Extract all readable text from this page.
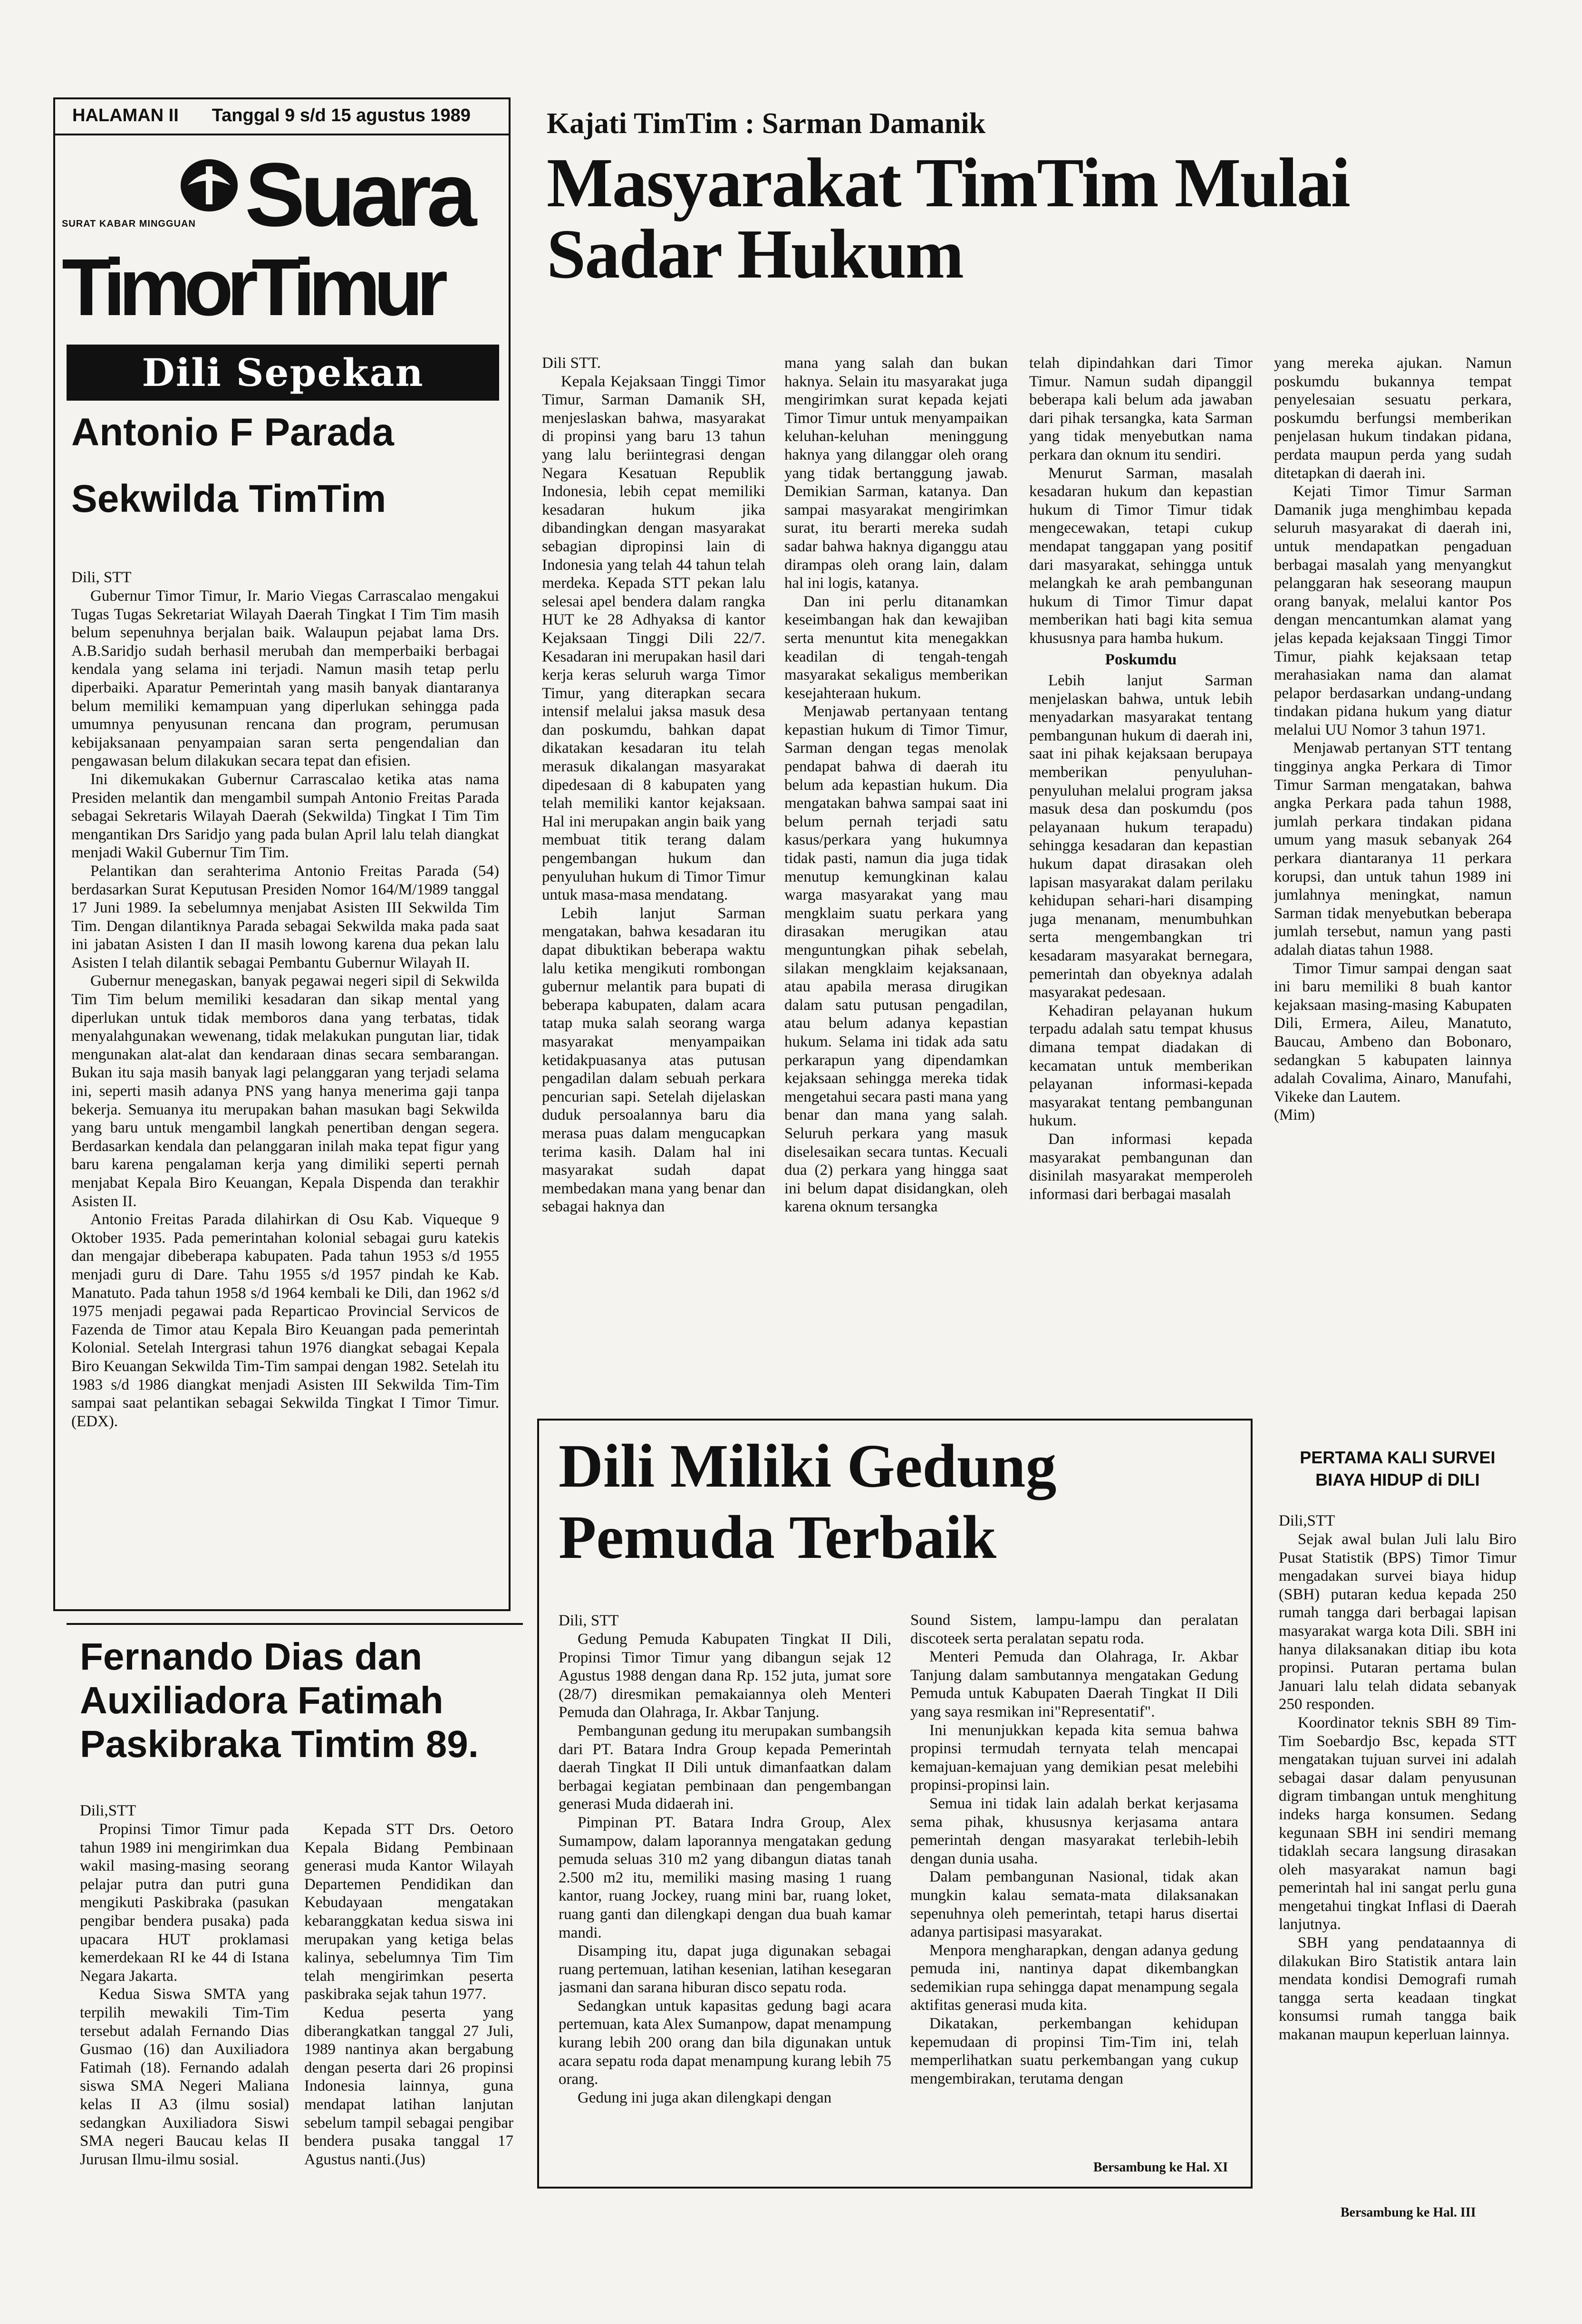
HALAMAN II Tanggal 9 s/d 15 agustus 1989
SURAT KABAR MINGGUAN Suara
TimorTimur
Dili Sepekan
Antonio F Parada
Sekwilda TimTim

Dili, STT

Gubernur Timor Timur, Ir. Mario Viegas Carrascalao mengakui Tugas Tugas Sekretariat Wilayah Daerah Tingkat I Tim Tim masih belum sepenuhnya berjalan baik. Walaupun pejabat lama Drs. A.B.Saridjo sudah berhasil merubah dan memperbaiki berbagai kendala yang selama ini terjadi. Namun masih tetap perlu diperbaiki. Aparatur Pemerintah yang masih banyak diantaranya belum memiliki kemampuan yang diperlukan sehingga pada umumnya penyusunan rencana dan program, perumusan kebijaksanaan penyampaian saran serta pengendalian dan pengawasan belum dilakukan secara tepat dan efisien.

Ini dikemukakan Gubernur Carrascalao ketika atas nama Presiden melantik dan mengambil sumpah Antonio Freitas Parada sebagai Sekretaris Wilayah Daerah (Sekwilda) Tingkat I Tim Tim mengantikan Drs Saridjo yang pada bulan April lalu telah diangkat menjadi Wakil Gubernur Tim Tim.

Pelantikan dan serahterima Antonio Freitas Parada (54) berdasarkan Surat Keputusan Presiden Nomor 164/M/1989 tanggal 17 Juni 1989. Ia sebelumnya menjabat Asisten III Sekwilda Tim Tim. Dengan dilantiknya Parada sebagai Sekwilda maka pada saat ini jabatan Asisten I dan II masih lowong karena dua pekan lalu Asisten I telah dilantik sebagai Pembantu Gubernur Wilayah II.

Gubernur menegaskan, banyak pegawai negeri sipil di Sekwilda Tim Tim belum memiliki kesadaran dan sikap mental yang diperlukan untuk tidak memboros dana yang terbatas, tidak menyalahgunakan wewenang, tidak melakukan pungutan liar, tidak mengunakan alat-alat dan kendaraan dinas secara sembarangan. Bukan itu saja masih banyak lagi pelanggaran yang terjadi selama ini, seperti masih adanya PNS yang hanya menerima gaji tanpa bekerja. Semuanya itu merupakan bahan masukan bagi Sekwilda yang baru untuk mengambil langkah penertiban dengan segera. Berdasarkan kendala dan pelanggaran inilah maka tepat figur yang baru karena pengalaman kerja yang dimiliki seperti pernah menjabat Kepala Biro Keuangan, Kepala Dispenda dan terakhir Asisten II.

Antonio Freitas Parada dilahirkan di Osu Kab. Viqueque 9 Oktober 1935. Pada pemerintahan kolonial sebagai guru katekis dan mengajar dibeberapa kabupaten. Pada tahun 1953 s/d 1955 menjadi guru di Dare. Tahu 1955 s/d 1957 pindah ke Kab. Manatuto. Pada tahun 1958 s/d 1964 kembali ke Dili, dan 1962 s/d 1975 menjadi pegawai pada Reparticao Provincial Servicos de Fazenda de Timor atau Kepala Biro Keuangan pada pemerintah Kolonial. Setelah Intergrasi tahun 1976 diangkat sebagai Kepala Biro Keuangan Sekwilda Tim-Tim sampai dengan 1982. Setelah itu 1983 s/d 1986 diangkat menjadi Asisten III Sekwilda Tim-Tim sampai saat pelantikan sebagai Sekwilda Tingkat I Timor Timur. (EDX).

Fernando Dias dan
Auxiliadora Fatimah
Paskibraka Timtim 89.

Dili,STT

Propinsi Timor Timur pada tahun 1989 ini mengirimkan dua wakil masing-masing seorang pelajar putra dan putri guna mengikuti Paskibraka (pasukan pengibar bendera pusaka) pada upacara HUT proklamasi kemerdekaan RI ke 44 di Istana Negara Jakarta.

Kedua Siswa SMTA yang terpilih mewakili Tim-Tim tersebut adalah Fernando Dias Gusmao (16) dan Auxiliadora Fatimah (18). Fernando adalah siswa SMA Negeri Maliana kelas II A3 (ilmu sosial) sedangkan Auxiliadora Siswi SMA negeri Baucau kelas II Jurusan Ilmu-ilmu sosial.

Kepada STT Drs. Oetoro Kepala Bidang Pembinaan generasi muda Kantor Wilayah Departemen Pendidikan dan Kebudayaan mengatakan kebaranggkatan kedua siswa ini merupakan yang ketiga belas kalinya, sebelumnya Tim Tim telah mengirimkan peserta paskibraka sejak tahun 1977.

Kedua peserta yang diberangkatkan tanggal 27 Juli, 1989 nantinya akan bergabung dengan peserta dari 26 propinsi Indonesia lainnya, guna mendapat latihan lanjutan sebelum tampil sebagai pengibar bendera pusaka tanggal 17 Agustus nanti.(Jus)

Kajati TimTim : Sarman Damanik
Masyarakat TimTim Mulai
Sadar Hukum

Dili STT.

Kepala Kejaksaan Tinggi Timor Timur, Sarman Damanik SH, menjeslaskan bahwa, masyarakat di propinsi yang baru 13 tahun yang lalu beriintegrasi dengan Negara Kesatuan Republik Indonesia, lebih cepat memiliki kesadaran hukum jika dibandingkan dengan masyarakat sebagian dipropinsi lain di Indonesia yang telah 44 tahun telah merdeka. Kepada STT pekan lalu selesai apel bendera dalam rangka HUT ke 28 Adhyaksa di kantor Kejaksaan Tinggi Dili 22/7. Kesadaran ini merupakan hasil dari kerja keras seluruh warga Timor Timur, yang diterapkan secara intensif melalui jaksa masuk desa dan poskumdu, bahkan dapat dikatakan kesadaran itu telah merasuk dikalangan masyarakat dipedesaan di 8 kabupaten yang telah memiliki kantor kejaksaan. Hal ini merupakan angin baik yang membuat titik terang dalam pengembangan hukum dan penyuluhan hukum di Timor Timur untuk masa-masa mendatang.

Lebih lanjut Sarman mengatakan, bahwa kesadaran itu dapat dibuktikan beberapa waktu lalu ketika mengikuti rombongan gubernur melantik para bupati di beberapa kabupaten, dalam acara tatap muka salah seorang warga masyarakat menyampaikan ketidakpuasanya atas putusan pengadilan dalam sebuah perkara pencurian sapi. Setelah dijelaskan duduk persoalannya baru dia merasa puas dalam mengucapkan terima kasih. Dalam hal ini masyarakat sudah dapat membedakan mana yang benar dan sebagai haknya dan

mana yang salah dan bukan haknya. Selain itu masyarakat juga mengirimkan surat kepada kejati Timor Timur untuk menyampaikan keluhan-keluhan meninggung haknya yang dilanggar oleh orang yang tidak bertanggung jawab. Demikian Sarman, katanya. Dan sampai masyarakat mengirimkan surat, itu berarti mereka sudah sadar bahwa haknya diganggu atau dirampas oleh orang lain, dalam hal ini logis, katanya.

Dan ini perlu ditanamkan keseimbangan hak dan kewajiban serta menuntut kita menegakkan keadilan di tengah-tengah masyarakat sekaligus memberikan kesejahteraan hukum.

Menjawab pertanyaan tentang kepastian hukum di Timor Timur, Sarman dengan tegas menolak pendapat bahwa di daerah itu belum ada kepastian hukum. Dia mengatakan bahwa sampai saat ini belum pernah terjadi satu kasus/perkara yang hukumnya tidak pasti, namun dia juga tidak menutup kemungkinan kalau warga masyarakat yang mau mengklaim suatu perkara yang dirasakan merugikan atau menguntungkan pihak sebelah, silakan mengklaim kejaksanaan, atau apabila merasa dirugikan dalam satu putusan pengadilan, atau belum adanya kepastian hukum. Selama ini tidak ada satu perkarapun yang dipendamkan kejaksaan sehingga mereka tidak mengetahui secara pasti mana yang benar dan mana yang salah. Seluruh perkara yang masuk diselesaikan secara tuntas. Kecuali dua (2) perkara yang hingga saat ini belum dapat disidangkan, oleh karena oknum tersangka

telah dipindahkan dari Timor Timur. Namun sudah dipanggil beberapa kali belum ada jawaban dari pihak tersangka, kata Sarman yang tidak menyebutkan nama perkara dan oknum itu sendiri.

Menurut Sarman, masalah kesadaran hukum dan kepastian hukum di Timor Timur tidak mengecewakan, tetapi cukup mendapat tanggapan yang positif dari masyarakat, sehingga untuk melangkah ke arah pembangunan hukum di Timor Timur dapat memberikan hati bagi kita semua khususnya para hamba hukum.

Poskumdu

Lebih lanjut Sarman menjelaskan bahwa, untuk lebih menyadarkan masyarakat tentang pembangunan hukum di daerah ini, saat ini pihak kejaksaan berupaya memberikan penyuluhan-penyuluhan melalui program jaksa masuk desa dan poskumdu (pos pelayanaan hukum terapadu) sehingga kesadaran dan kepastian hukum dapat dirasakan oleh lapisan masyarakat dalam perilaku kehidupan sehari-hari disamping juga menanam, menumbuhkan serta mengembangkan tri kesadaram masyarakat bernegara, pemerintah dan obyeknya adalah masyarakat pedesaan.

Kehadiran pelayanan hukum terpadu adalah satu tempat khusus dimana tempat diadakan di kecamatan untuk memberikan pelayanan informasi-kepada masyarakat tentang pembangunan hukum.

Dan informasi kepada masyarakat pembangunan dan disinilah masyarakat memperoleh informasi dari berbagai masalah

yang mereka ajukan. Namun poskumdu bukannya tempat penyelesaian sesuatu perkara, poskumdu berfungsi memberikan penjelasan hukum tindakan pidana, perdata maupun perda yang sudah ditetapkan di daerah ini.

Kejati Timor Timur Sarman Damanik juga menghimbau kepada seluruh masyarakat di daerah ini, untuk mendapatkan pengaduan berbagai masalah yang menyangkut pelanggaran hak seseorang maupun orang banyak, melalui kantor Pos dengan mencantumkan alamat yang jelas kepada kejaksaan Tinggi Timor Timur, piahk kejaksaan tetap merahasiakan nama dan alamat pelapor berdasarkan undang-undang tindakan pidana hukum yang diatur melalui UU Nomor 3 tahun 1971.

Menjawab pertanyan STT tentang tingginya angka Perkara di Timor Timur Sarman mengatakan, bahwa angka Perkara pada tahun 1988, jumlah perkara tindakan pidana umum yang masuk sebanyak 264 perkara diantaranya 11 perkara korupsi, dan untuk tahun 1989 ini jumlahnya meningkat, namun Sarman tidak menyebutkan beberapa jumlah tersebut, namun yang pasti adalah diatas tahun 1988.

Timor Timur sampai dengan saat ini baru memiliki 8 buah kantor kejaksaan masing-masing Kabupaten Dili, Ermera, Aileu, Manatuto, Baucau, Ambeno dan Bobonaro, sedangkan 5 kabupaten lainnya adalah Covalima, Ainaro, Manufahi, Vikeke dan Lautem.

(Mim)

Dili Miliki Gedung
Pemuda Terbaik

Dili, STT

Gedung Pemuda Kabupaten Tingkat II Dili, Propinsi Timor Timur yang dibangun sejak 12 Agustus 1988 dengan dana Rp. 152 juta, jumat sore (28/7) diresmikan pemakaiannya oleh Menteri Pemuda dan Olahraga, Ir. Akbar Tanjung.

Pembangunan gedung itu merupakan sumbangsih dari PT. Batara Indra Group kepada Pemerintah daerah Tingkat II Dili untuk dimanfaatkan dalam berbagai kegiatan pembinaan dan pengembangan generasi Muda didaerah ini.

Pimpinan PT. Batara Indra Group, Alex Sumampow, dalam laporannya mengatakan gedung pemuda seluas 310 m2 yang dibangun diatas tanah 2.500 m2 itu, memiliki masing masing 1 ruang kantor, ruang Jockey, ruang mini bar, ruang loket, ruang ganti dan dilengkapi dengan dua buah kamar mandi.

Disamping itu, dapat juga digunakan sebagai ruang pertemuan, latihan kesenian, latihan kesegaran jasmani dan sarana hiburan disco sepatu roda.

Sedangkan untuk kapasitas gedung bagi acara pertemuan, kata Alex Sumanpow, dapat menampung kurang lebih 200 orang dan bila digunakan untuk acara sepatu roda dapat menampung kurang lebih 75 orang.

Gedung ini juga akan dilengkapi dengan

Sound Sistem, lampu-lampu dan peralatan discoteek serta peralatan sepatu roda.

Menteri Pemuda dan Olahraga, Ir. Akbar Tanjung dalam sambutannya mengatakan Gedung Pemuda untuk Kabupaten Daerah Tingkat II Dili yang saya resmikan ini"Representatif".

Ini menunjukkan kepada kita semua bahwa propinsi termudah ternyata telah mencapai kemajuan-kemajuan yang demikian pesat melebihi propinsi-propinsi lain.

Semua ini tidak lain adalah berkat kerjasama sema pihak, khususnya kerjasama antara pemerintah dengan masyarakat terlebih-lebih dengan dunia usaha.

Dalam pembangunan Nasional, tidak akan mungkin kalau semata-mata dilaksanakan sepenuhnya oleh pemerintah, tetapi harus disertai adanya partisipasi masyarakat.

Menpora mengharapkan, dengan adanya gedung pemuda ini, nantinya dapat dikembangkan sedemikian rupa sehingga dapat menampung segala aktifitas generasi muda kita.

Dikatakan, perkembangan kehidupan kepemudaan di propinsi Tim-Tim ini, telah memperlihatkan suatu perkembangan yang cukup mengembirakan, terutama dengan

Bersambung ke Hal. XI
PERTAMA KALI SURVEI
BIAYA HIDUP di DILI

Dili,STT

Sejak awal bulan Juli lalu Biro Pusat Statistik (BPS) Timor Timur mengadakan survei biaya hidup (SBH) putaran kedua kepada 250 rumah tangga dari berbagai lapisan masyarakat warga kota Dili. SBH ini hanya dilaksanakan ditiap ibu kota propinsi. Putaran pertama bulan Januari lalu telah didata sebanyak 250 responden.

Koordinator teknis SBH 89 Tim-Tim Soebardjo Bsc, kepada STT mengatakan tujuan survei ini adalah sebagai dasar dalam penyusunan digram timbangan untuk menghitung indeks harga konsumen. Sedang kegunaan SBH ini sendiri memang tidaklah secara langsung dirasakan oleh masyarakat namun bagi pemerintah hal ini sangat perlu guna mengetahui tingkat Inflasi di Daerah lanjutnya.

SBH yang pendataannya di dilakukan Biro Statistik antara lain mendata kondisi Demografi rumah tangga serta keadaan tingkat konsumsi rumah tangga baik makanan maupun keperluan lainnya.

Bersambung ke Hal. III
